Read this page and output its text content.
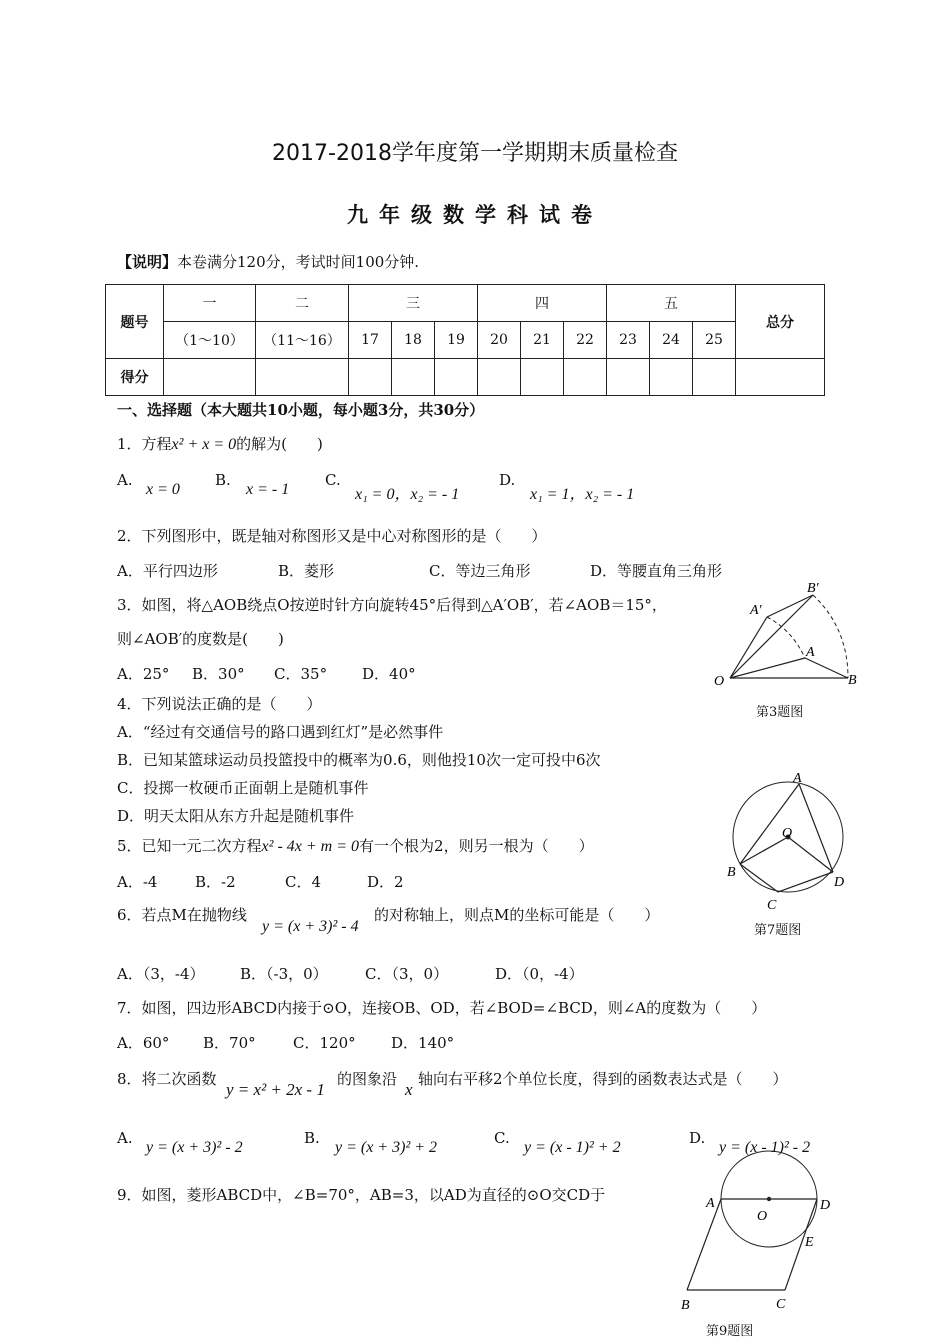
2017-2018学年度第一学期期末质量检查
九年级数学科试卷
【说明】本卷满分120分，考试时间100分钟.
题号	一	二	三			四			五			总分
	（1～10）	（11～16）	17	18	19	20	21	22	23	24	25	
得分												
一、选择题（本大题共10小题，每小题3分，共30分）
1．方程x² + x = 0的解为(　　)
A.
x = 0
B.
x = - 1
C.
x₁ = 0，x₂ = - 1
D.
x₁ = 1，x₂ = - 1
2．下列图形中，既是轴对称图形又是中心对称图形的是（　　）
A．平行四边形	B．菱形	C．等边三角形	D．等腰直角三角形
3．如图，将△AOB绕点O按逆时针方向旋转45°后得到△A′OB′，若∠AOB＝15°，
则∠AOB′的度数是(　　)
A．25° B．30° C．35° D．40°	O	B
A
A′
B′
第3题图
4．下列说法正确的是（　　）
A．“经过有交通信号的路口遇到红灯”是必然事件
B．已知某篮球运动员投篮投中的概率为0.6，则他投10次一定可投中6次
C．投掷一枚硬币正面朝上是随机事件
D．明天太阳从东方升起是随机事件
A
O
B
D
C
第7题图
5．已知一元二次方程x² - 4x + m = 0有一个根为2，则另一根为（　　）
A．-4	B．-2	C．4	D．2
6．若点M在抛物线
y = (x + 3)² - 4
的对称轴上，则点M的坐标可能是（　　）
A．（3，-4） B．（-3，0） C．（3，0）	D．（0，-4）
7．如图，四边形ABCD内接于⊙O，连接OB、OD，若∠BOD=∠BCD，则∠A的度数为（　　）
A．60° B．70° C．120° D．140°
8．将二次函数
y = x² + 2x - 1
的图象沿
x
轴向右平移2个单位长度，得到的函数表达式是（　　）
A.
y = (x + 3)² - 2
B.
y = (x + 3)² + 2
C.
y = (x - 1)² + 2
D.
y = (x - 1)² - 2
9．如图，菱形ABCD中，∠B=70°，AB=3，以AD为直径的⊙O交CD于	A	D
O
E
B	C
第9题图
